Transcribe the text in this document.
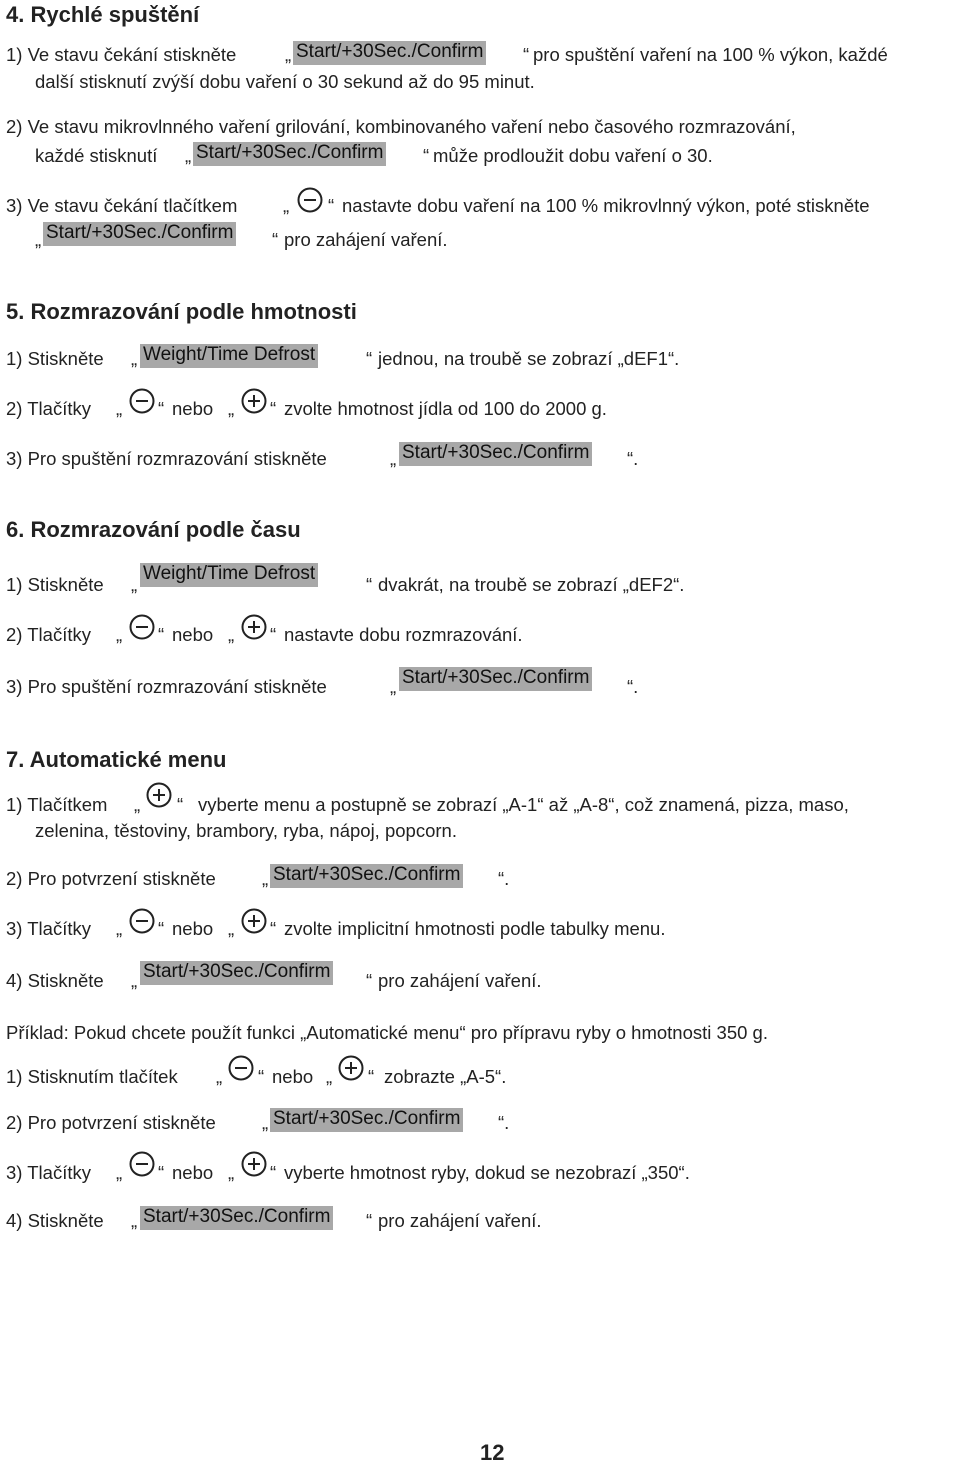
4. Rychlé spuštění
1) Ve stavu čekání stiskněte	„ Start/+30Sec./Confirm “ pro spuštění vaření na 100 % výkon, každé
další stisknutí zvýší dobu vaření o 30 sekund až do 95 minut.
2) Ve stavu mikrovlnného vaření grilování, kombinovaného vaření nebo časového rozmrazování,
každé stisknutí „ Start/+30Sec./Confirm “ může prodloužit dobu vaření o 30.
3) Ve stavu čekání tlačítkem „ “ nastavte dobu vaření na 100 % mikrovlnný výkon, poté stiskněte
„ Start/+30Sec./Confirm “ pro zahájení vaření.
5. Rozmrazování podle hmotnosti
1) Stiskněte „ Weight/Time Defrost	“ jednou, na troubě se zobrazí „dEF1“.
2) Tlačítky „ “ nebo „ “ zvolte hmotnost jídla od 100 do 2000 g.
3) Pro spuštění rozmrazování stiskněte	„ Start/+30Sec./Confirm “.
6. Rozmrazování podle času
1) Stiskněte „
Weight/Time Defrost
“ dvakrát, na troubě se zobrazí „dEF2“.
2) Tlačítky „ “ nebo „ “ nastavte dobu rozmrazování.
3) Pro spuštění rozmrazování stiskněte	„ Start/+30Sec./Confirm “.
7. Automatické menu
1) Tlačítkem „ “ vyberte menu a postupně se zobrazí „A-1“ až „A-8“, což znamená, pizza, maso,
zelenina, těstoviny, brambory, ryba, nápoj, popcorn.
2) Pro potvrzení stiskněte „ Start/+30Sec./Confirm “.
3) Tlačítky „ “ nebo „ “ zvolte implicitní hmotnosti podle tabulky menu.
4) Stiskněte „ Start/+30Sec./Confirm “ pro zahájení vaření.
Příklad: Pokud chcete použít funkci „Automatické menu“ pro přípravu ryby o hmotnosti 350 g.
1) Stisknutím tlačítek „ “ nebo „ “ zobrazte „A-5“.
2) Pro potvrzení stiskněte „ Start/+30Sec./Confirm “.
3) Tlačítky „ “ nebo „ “ vyberte hmotnost ryby, dokud se nezobrazí „350“.
4) Stiskněte „ Start/+30Sec./Confirm “ pro zahájení vaření.
12
